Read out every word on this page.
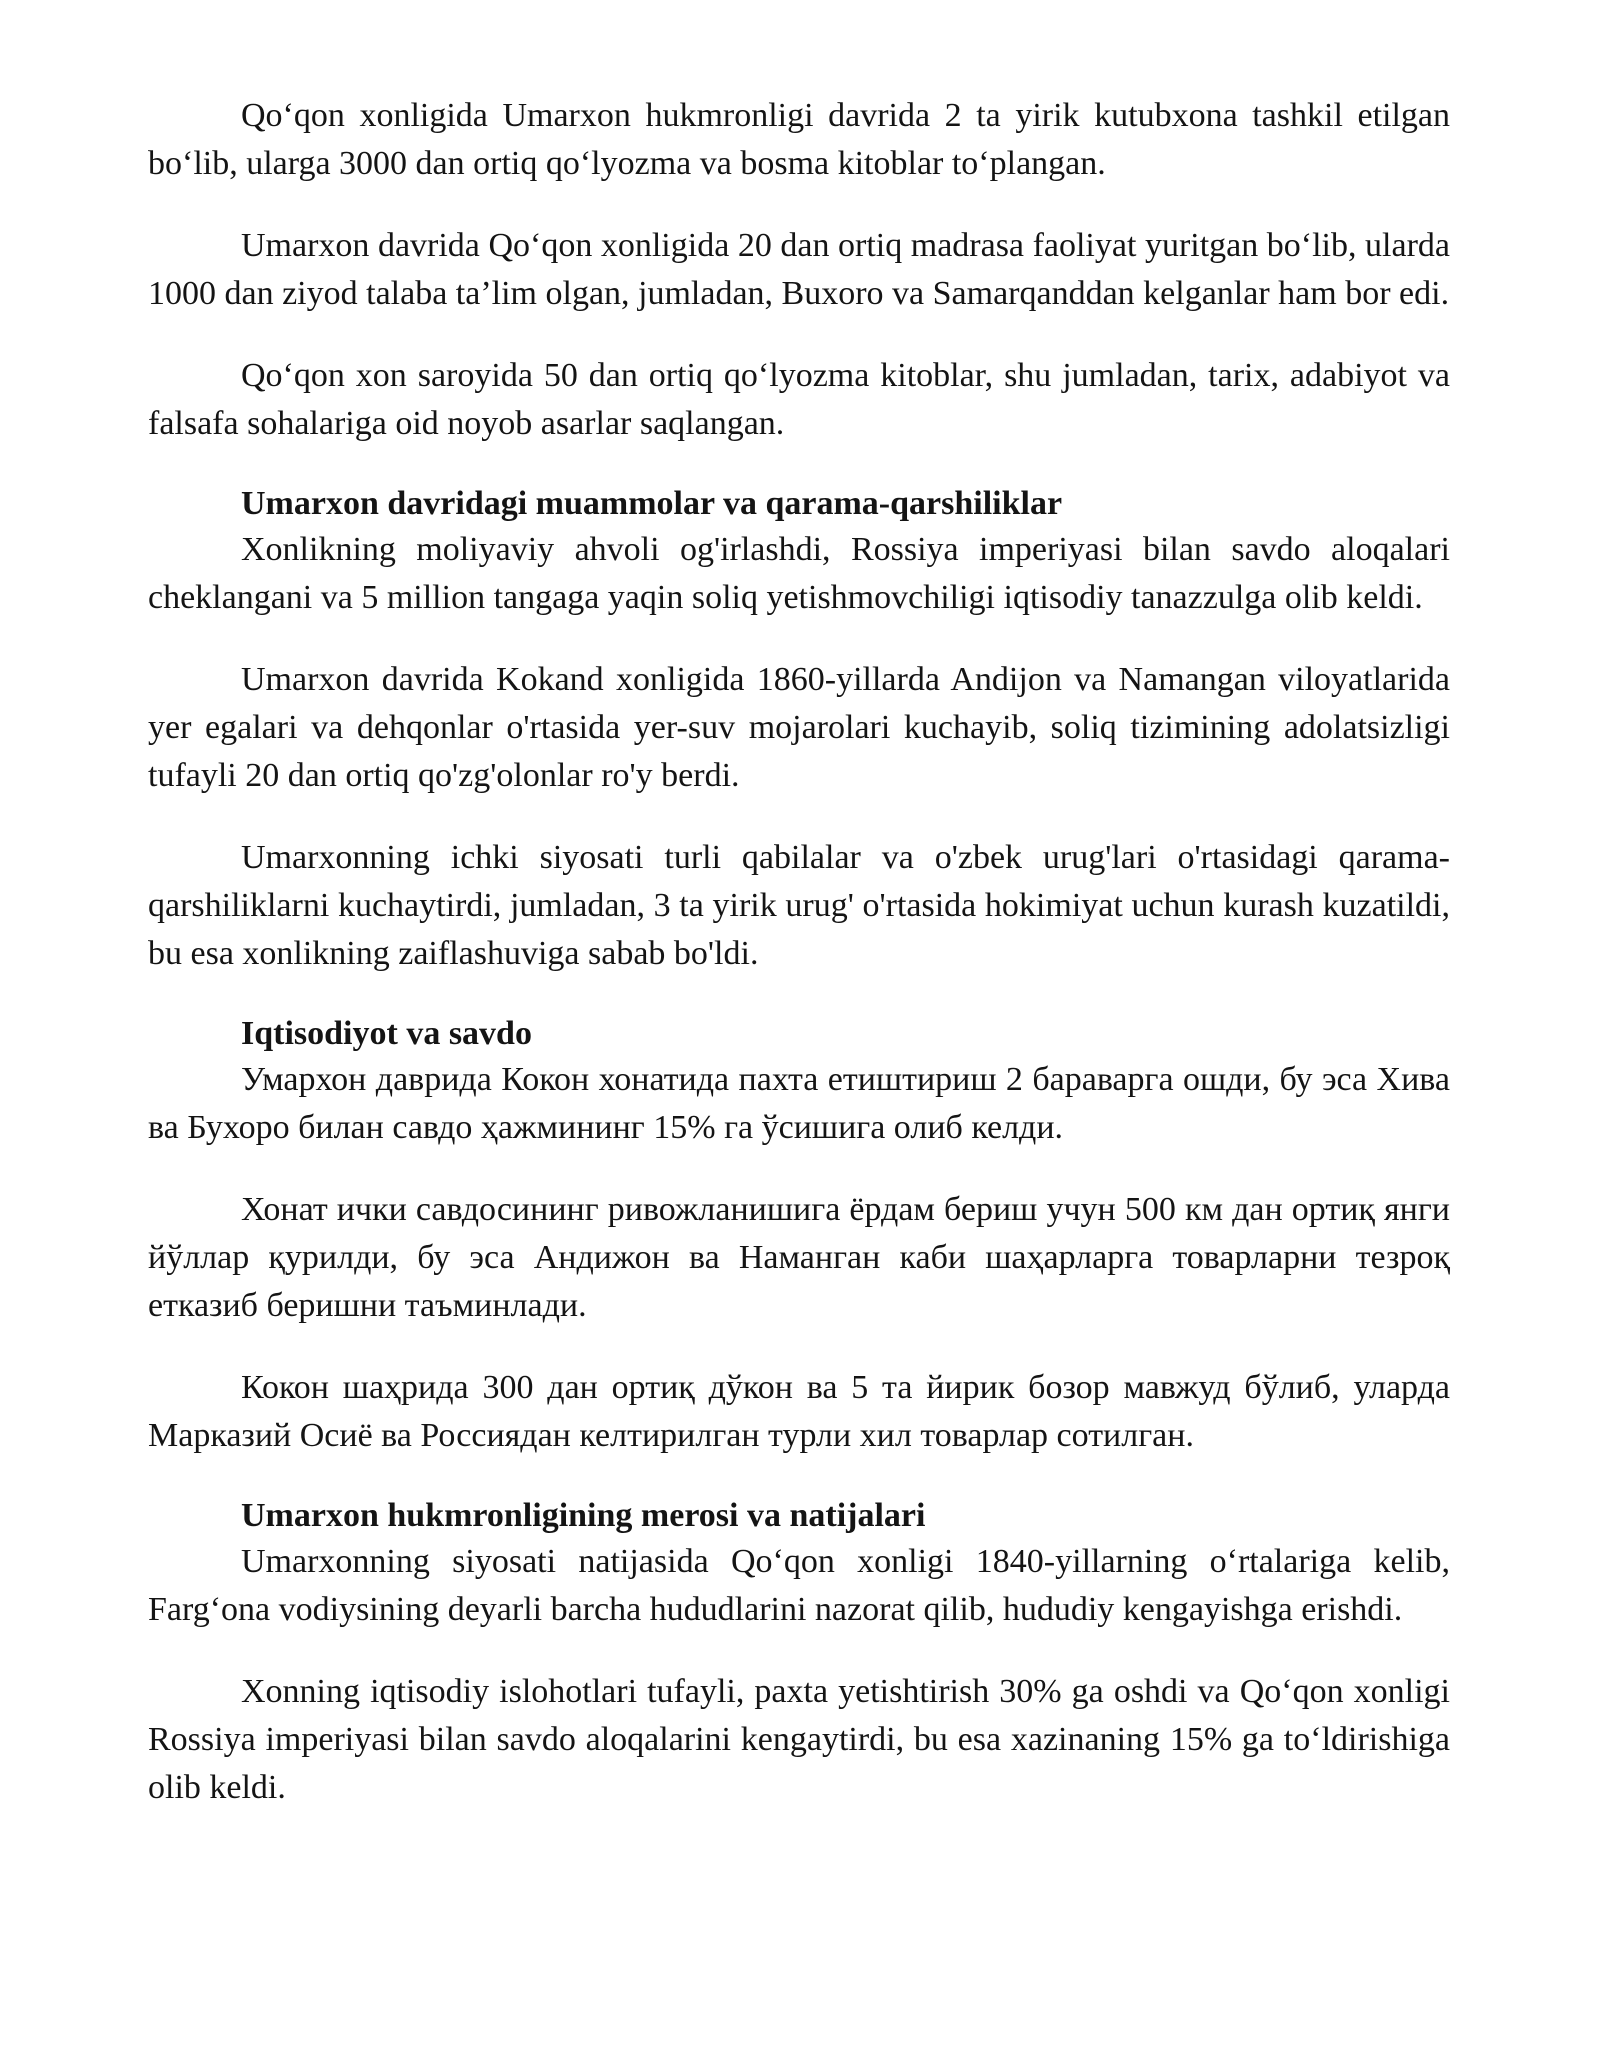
Qo‘qon xonligida Umarxon hukmronligi davrida 2 ta yirik kutubxona tashkil etilgan bo‘lib, ularga 3000 dan ortiq qo‘lyozma va bosma kitoblar to‘plangan.

Umarxon davrida Qo‘qon xonligida 20 dan ortiq madrasa faoliyat yuritgan bo‘lib, ularda 1000 dan ziyod talaba ta’lim olgan, jumladan, Buxoro va Samarqanddan kelganlar ham bor edi.

Qo‘qon xon saroyida 50 dan ortiq qo‘lyozma kitoblar, shu jumladan, tarix, adabiyot va falsafa sohalariga oid noyob asarlar saqlangan.

Umarxon davridagi muammolar va qarama-qarshiliklar

Xonlikning moliyaviy ahvoli og'irlashdi, Rossiya imperiyasi bilan savdo aloqalari cheklangani va 5 million tangaga yaqin soliq yetishmovchiligi iqtisodiy tanazzulga olib keldi.

Umarxon davrida Kokand xonligida 1860-yillarda Andijon va Namangan viloyatlarida yer egalari va dehqonlar o'rtasida yer-suv mojarolari kuchayib, soliq tizimining adolatsizligi tufayli 20 dan ortiq qo'zg'olonlar ro'y berdi.

Umarxonning ichki siyosati turli qabilalar va o'zbek urug'lari o'rtasidagi qarama-qarshiliklarni kuchaytirdi, jumladan, 3 ta yirik urug' o'rtasida hokimiyat uchun kurash kuzatildi, bu esa xonlikning zaiflashuviga sabab bo'ldi.

Iqtisodiyot va savdo

Умархон даврида Кокон хонатида пахта етиштириш 2 бараварга ошди, бу эса Хива ва Бухоро билан савдо ҳажмининг 15% га ўсишига олиб келди.

Хонат ички савдосининг ривожланишига ёрдам бериш учун 500 км дан ортиқ янги йўллар қурилди, бу эса Андижон ва Наманган каби шаҳарларга товарларни тезроқ етказиб беришни таъминлади.

Кокон шаҳрида 300 дан ортиқ дўкон ва 5 та йирик бозор мавжуд бўлиб, уларда Марказий Осиё ва Россиядан келтирилган турли хил товарлар сотилган.

Umarxon hukmronligining merosi va natijalari

Umarxonning siyosati natijasida Qo‘qon xonligi 1840-yillarning o‘rtalariga kelib, Farg‘ona vodiysining deyarli barcha hududlarini nazorat qilib, hududiy kengayishga erishdi.

Xonning iqtisodiy islohotlari tufayli, paxta yetishtirish 30% ga oshdi va Qo‘qon xonligi Rossiya imperiyasi bilan savdo aloqalarini kengaytirdi, bu esa xazinaning 15% ga to‘ldirishiga olib keldi.
